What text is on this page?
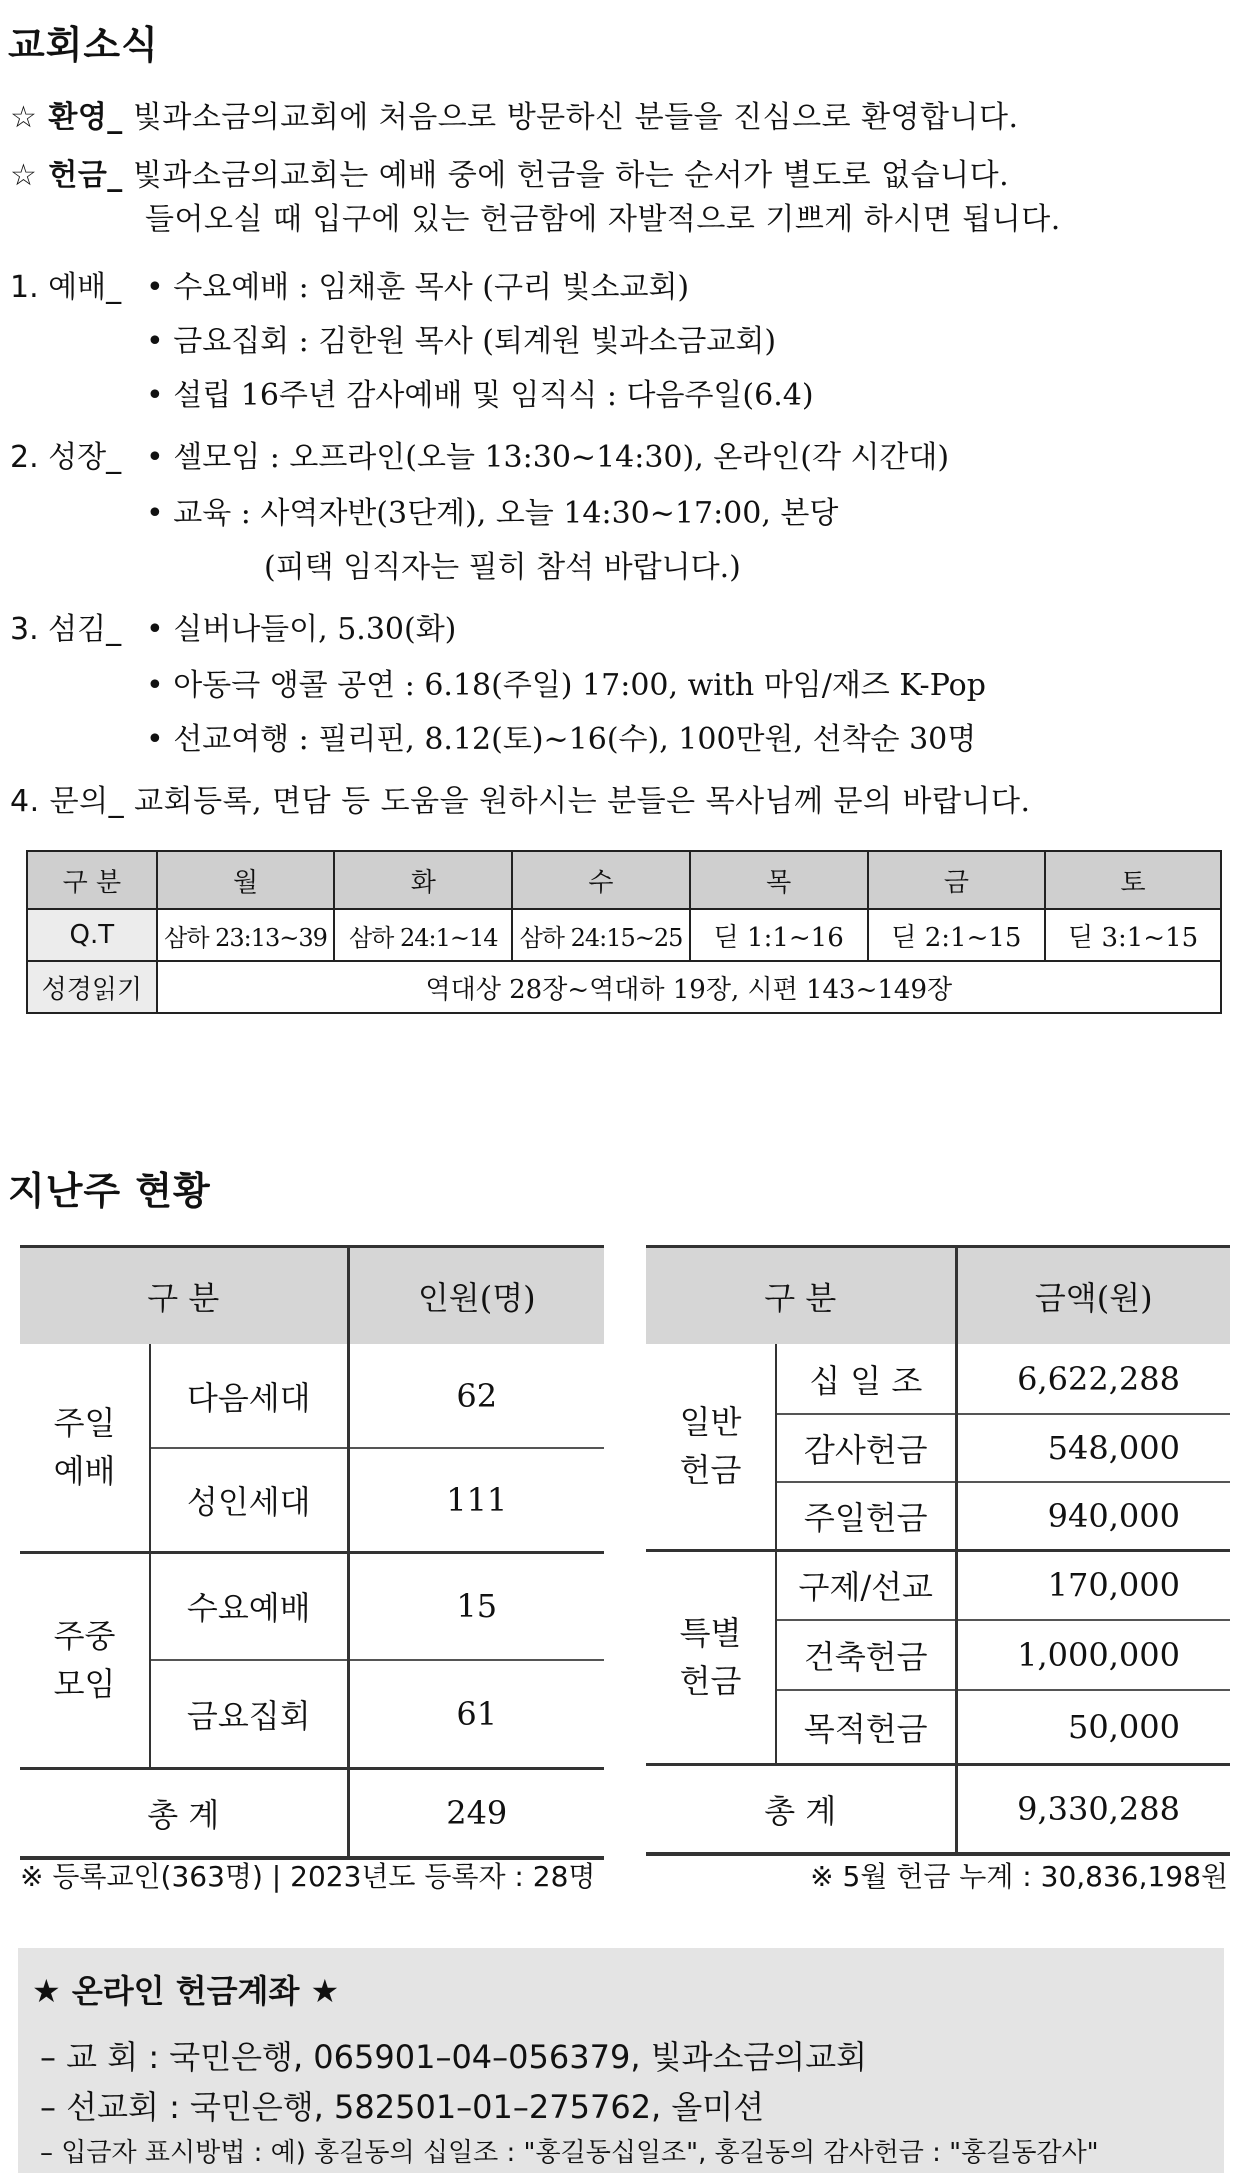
교회소식
☆ 환영_ 빛과소금의교회에 처음으로 방문하신 분들을 진심으로 환영합니다.
☆ 헌금_ 빛과소금의교회는 예배 중에 헌금을 하는 순서가 별도로 없습니다.
들어오실 때 입구에 있는 헌금함에 자발적으로 기쁘게 하시면 됩니다.
1. 예배_ • 수요예배 : 임채훈 목사 (구리 빛소교회)
• 금요집회 : 김한원 목사 (퇴계원 빛과소금교회)
• 설립 16주년 감사예배 및 임직식 : 다음주일(6.4)
2. 성장_ • 셀모임 : 오프라인(오늘 13:30~14:30), 온라인(각 시간대)
• 교육 : 사역자반(3단계), 오늘 14:30~17:00, 본당
(피택 임직자는 필히 참석 바랍니다.)
3. 섬김_ • 실버나들이, 5.30(화)
• 아동극 앵콜 공연 : 6.18(주일) 17:00, with 마임/재즈 K-Pop
• 선교여행 : 필리핀, 8.12(토)~16(수), 100만원, 선착순 30명
4. 문의_ 교회등록, 면담 등 도움을 원하시는 분들은 목사님께 문의 바랍니다.
구 분	월	화	수	목	금	토
Q.T	삼하 23:13~39	삼하 24:1~14	삼하 24:15~25	딛 1:1~16	딛 2:1~15	딛 3:1~15
성경읽기	역대상 28장~역대하 19장, 시편 143~149장					
지난주 현황
구 분		인원(명)
주일
예배	다음세대	62
	성인세대	111
주중
모임	수요예배	15
	금요집회	61
총 계		249
구 분		금액(원)
일반
헌금	십 일 조	6,622,288
	감사헌금	548,000
	주일헌금	940,000
특별
헌금	구제/선교	170,000
	건축헌금	1,000,000
	목적헌금	50,000
총 계		9,330,288
※ 등록교인(363명) | 2023년도 등록자 : 28명	※ 5월 헌금 누계 : 30,836,198원
★ 온라인 헌금계좌 ★
– 교 회 : 국민은행, 065901–04–056379, 빛과소금의교회
– 선교회 : 국민은행, 582501–01–275762, 올미션
– 입금자 표시방법 : 예) 홍길동의 십일조 : "홍길동십일조", 홍길동의 감사헌금 : "홍길동감사"
